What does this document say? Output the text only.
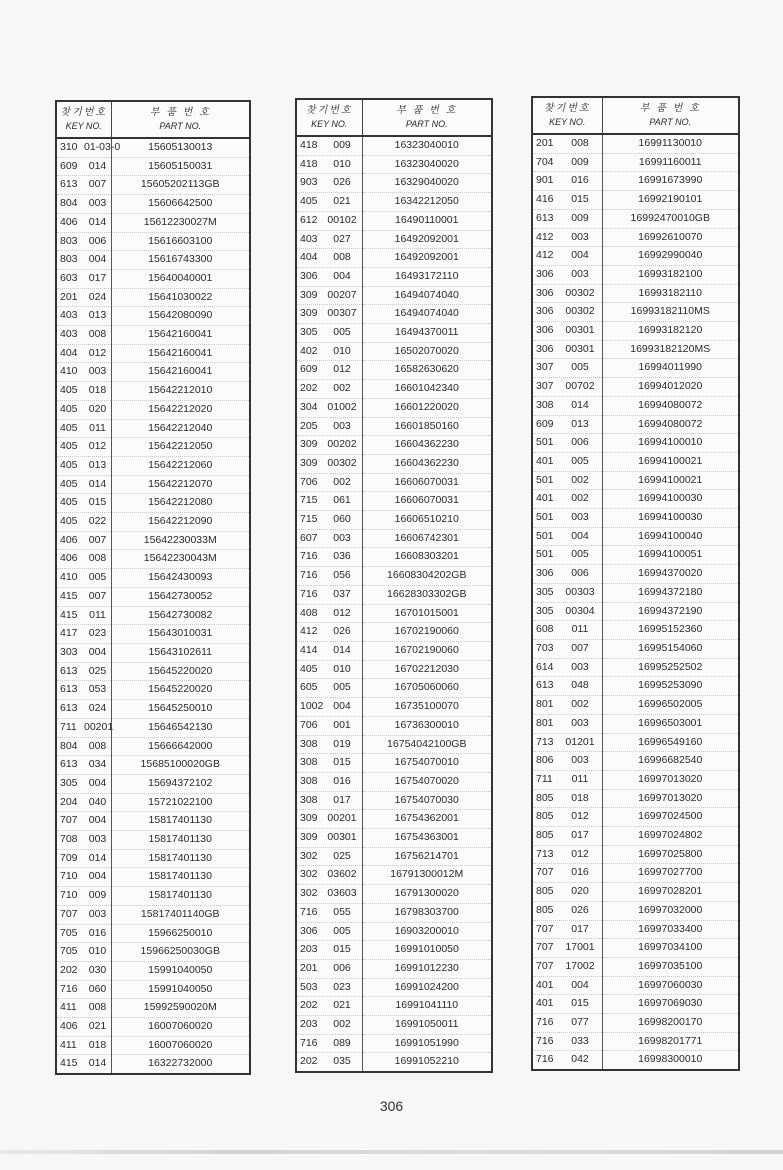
찾기번호
KEY NO.	부 품 번 호
PART NO.

310 01-03-0	15605130013
609 014	15605150031
613 007	15605202113GB
804 003	15606642500
406 014	15612230027M
803 006	15616603100
803 004	15616743300
603 017	15640040001
201 024	15641030022
403 013	15642080090
403 008	15642160041
404 012	15642160041
410 003	15642160041
405 018	15642212010
405 020	15642212020
405 011	15642212040
405 012	15642212050
405 013	15642212060
405 014	15642212070
405 015	15642212080
405 022	15642212090
406 007	15642230033M
406 008	15642230043M
410 005	15642430093
415 007	15642730052
415 011	15642730082
417 023	15643010031
303 004	15643102611
613 025	15645220020
613 053	15645220020
613 024	15645250010
711 00201	15646542130
804 008	15666642000
613 034	15685100020GB
305 004	15694372102
204 040	15721022100
707 004	15817401130
708 003	15817401130
709 014	15817401130
710 004	15817401130
710 009	15817401130
707 003	15817401140GB
705 016	15966250010
705 010	15966250030GB
202 030	15991040050
716 060	15991040050
411 008	15992590020M
406 021	16007060020
411 018	16007060020
415 014	16322732000
찾기번호
KEY NO.	부 품 번 호
PART NO.

418 009	16323040010
418 010	16323040020
903 026	16329040020
405 021	16342212050
612 00102	16490110001
403 027	16492092001
404 008	16492092001
306 004	16493172110
309 00207	16494074040
309 00307	16494074040
305 005	16494370011
402 010	16502070020
609 012	16582630620
202 002	16601042340
304 01002	16601220020
205 003	16601850160
309 00202	16604362230
309 00302	16604362230
706 002	16606070031
715 061	16606070031
715 060	16606510210
607 003	16606742301
716 036	16608303201
716 056	16608304202GB
716 037	16628303302GB
408 012	16701015001
412 026	16702190060
414 014	16702190060
405 010	16702212030
605 005	16705060060
1002 004	16735100070
706 001	16736300010
308 019	16754042100GB
308 015	16754070010
308 016	16754070020
308 017	16754070030
309 00201	16754362001
309 00301	16754363001
302 025	16756214701
302 03602	16791300012M
302 03603	16791300020
716 055	16798303700
306 005	16903200010
203 015	16991010050
201 006	16991012230
503 023	16991024200
202 021	16991041110
203 002	16991050011
716 089	16991051990
202 035	16991052210
찾기번호
KEY NO.	부 품 번 호
PART NO.

201 008	16991130010
704 009	16991160011
901 016	16991673990
416 015	16992190101
613 009	16992470010GB
412 003	16992610070
412 004	16992990040
306 003	16993182100
306 00302	16993182110
306 00302	16993182110MS
306 00301	16993182120
306 00301	16993182120MS
307 005	16994011990
307 00702	16994012020
308 014	16994080072
609 013	16994080072
501 006	16994100010
401 005	16994100021
501 002	16994100021
401 002	16994100030
501 003	16994100030
501 004	16994100040
501 005	16994100051
306 006	16994370020
305 00303	16994372180
305 00304	16994372190
608 011	16995152360
703 007	16995154060
614 003	16995252502
613 048	16995253090
801 002	16996502005
801 003	16996503001
713 01201	16996549160
806 003	16996682540
711 011	16997013020
805 018	16997013020
805 012	16997024500
805 017	16997024802
713 012	16997025800
707 016	16997027700
805 020	16997028201
805 026	16997032000
707 017	16997033400
707 17001	16997034100
707 17002	16997035100
401 004	16997060030
401 015	16997069030
716 077	16998200170
716 033	16998201771
716 042	16998300010
306
